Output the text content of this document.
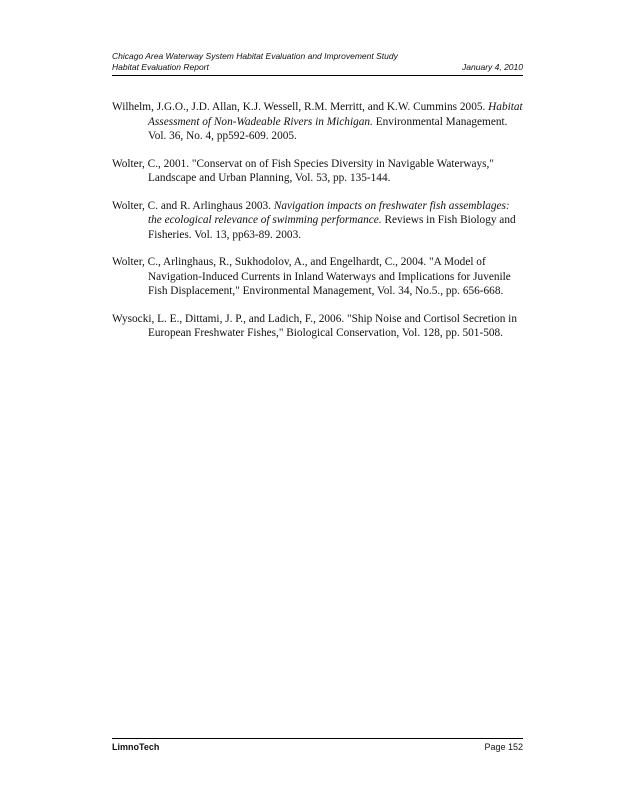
Chicago Area Waterway System Habitat Evaluation and Improvement Study
Habitat Evaluation Report	January 4, 2010

Wilhelm, J.G.O., J.D. Allan, K.J. Wessell, R.M. Merritt, and K.W. Cummins 2005. Habitat Assessment of Non-Wadeable Rivers in Michigan. Environmental Management. Vol. 36, No. 4, pp592-609. 2005.

Wolter, C., 2001. "Conservat on of Fish Species Diversity in Navigable Waterways," Landscape and Urban Planning, Vol. 53, pp. 135-144.

Wolter, C. and R. Arlinghaus 2003. Navigation impacts on freshwater fish assemblages: the ecological relevance of swimming performance. Reviews in Fish Biology and Fisheries. Vol. 13, pp63-89. 2003.

Wolter, C., Arlinghaus, R., Sukhodolov, A., and Engelhardt, C., 2004. "A Model of Navigation-Induced Currents in Inland Waterways and Implications for Juvenile Fish Displacement," Environmental Management, Vol. 34, No.5., pp. 656-668.

Wysocki, L. E., Dittami, J. P., and Ladich, F., 2006. "Ship Noise and Cortisol Secretion in European Freshwater Fishes," Biological Conservation, Vol. 128, pp. 501-508.

LimnoTech	Page 152
